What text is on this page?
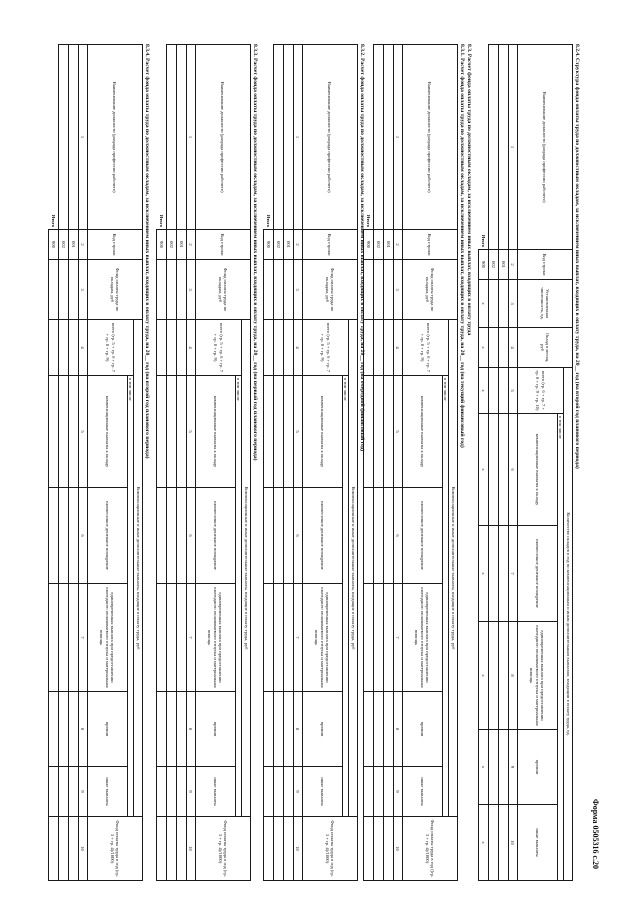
Форма 0505316 с.20
8.2.4. Структура фонда оплаты труда по должностным окладам, за исключением иных выплат, входящих в оплату труда, на 20__ год (на второй год планового периода)
Наименование должности (разряда профессии рабочего)	Код строки	Установленная численность, ед.	Оклад в месяц, руб	Количество окладов в год по компенсационным и иным дополнительным выплатам, входящим в оплату труда, ед.					
				всего (гр. 6 + гр. 7 + гр. 8 + гр. 9 + гр. 10)	в том числе				
					компенсационные выплаты к окладу	ежемесячное денежное поощрение	единовременная выплата при предоставлении ежегодного оплачиваемого отпуска и материальная помощь	премии	иные выплаты
1	2	3	4	5	6	7	8	9	10
	001								
	002								
Итого	900	x	x	x	x	x	x	x	x
8.3. Расчет фонда оплаты труда по должностным окладам, за исключением иных выплат, входящих в оплату труда
8.3.1. Расчет фонда оплаты труда по должностным окладам, за исключением иных выплат, входящих в оплату труда, на 20__ год (на текущий финансовый год)
Наименование должности (разряда профессии рабочего)	Код строки	Фонд оплаты труда по окладам, руб	Компенсационные и иные дополнительные выплаты, входящие в оплату труда, руб						Фонд оплаты труда в год ((гр. 3 + гр. 4)/1000)
			всего (гр. 5 + гр. 6 + гр. 7 + гр. 8 + гр. 9)	в том числе					
				компенсационные выплаты к окладу	ежемесячное денежное поощрение	единовременная выплата при предоставлении ежегодного оплачиваемого отпуска и материальная помощь	премии	иные выплаты	
1	2	3	4	5	6	7	8	9	10
	001								
	002								
Итого	900								
8.3.2. Расчет фонда оплаты труда по должностным окладам, за исключением иных выплат, входящих в оплату труда, на 20__ год (на очередной финансовый год)
Наименование должности (разряда профессии рабочего)	Код строки	Фонд оплаты труда по окладам, руб	Компенсационные и иные дополнительные выплаты, входящие в оплату труда, руб						Фонд оплаты труда в год (гр. 3 + гр. 4)/1000)
			всего (гр. 5 + гр. 6 + гр. 7 + гр. 8 + гр. 9)	в том числе					
				компенсационные выплаты к окладу	ежемесячное денежное поощрение	единовременная выплата при предоставлении ежегодного оплачиваемого отпуска и материальная помощь	премии	иные выплаты	
1	2	3	4	5	6	7	8	9	10
	001								
	002								
Итого	900								
8.3.3. Расчет фонда оплаты труда по должностным окладам, за исключением иных выплат, входящих в оплату труда, на 20__ год (на первый год планового периода)
Наименование должности (разряда профессии рабочего)	Код строки	Фонд оплаты труда по окладам, руб	Компенсационные и иные дополнительные выплаты, входящие в оплату труда, руб						Фонд оплаты труда в год (гр. 3 + гр. 4)/1000)
			всего (гр. 5 + гр. 6 + гр. 7 + гр. 8 + гр. 9)	в том числе					
				компенсационные выплаты к окладу	ежемесячное денежное поощрение	единовременная выплата при предоставлении ежегодного оплачиваемого отпуска и материальная помощь	премии	иные выплаты	
1	2	3	4	5	6	7	8	9	10
	001								
	002								
Итого	900								
8.3.4. Расчет фонда оплаты труда по должностным окладам, за исключением иных выплат, входящих в оплату труда, на 20__ год (на второй год планового периода)
Наименование должности (разряда профессии рабочего)	Код строки	Фонд оплаты труда по окладам, руб	Компенсационные и иные дополнительные выплаты, входящие в оплату труда, руб						Фонд оплаты труда в год (гр. 3 + гр. 4)/1000)
			всего (гр. 5 + гр. 6 + гр. 7 + гр. 8 + гр. 9)	в том числе					
				компенсационные выплаты к окладу	ежемесячное денежное поощрение	единовременная выплата при предоставлении ежегодного оплачиваемого отпуска и материальная помощь	премии	иные выплаты	
1	2	3	4	5	6	7	8	9	10
	001								
	002								
Итого	900								
